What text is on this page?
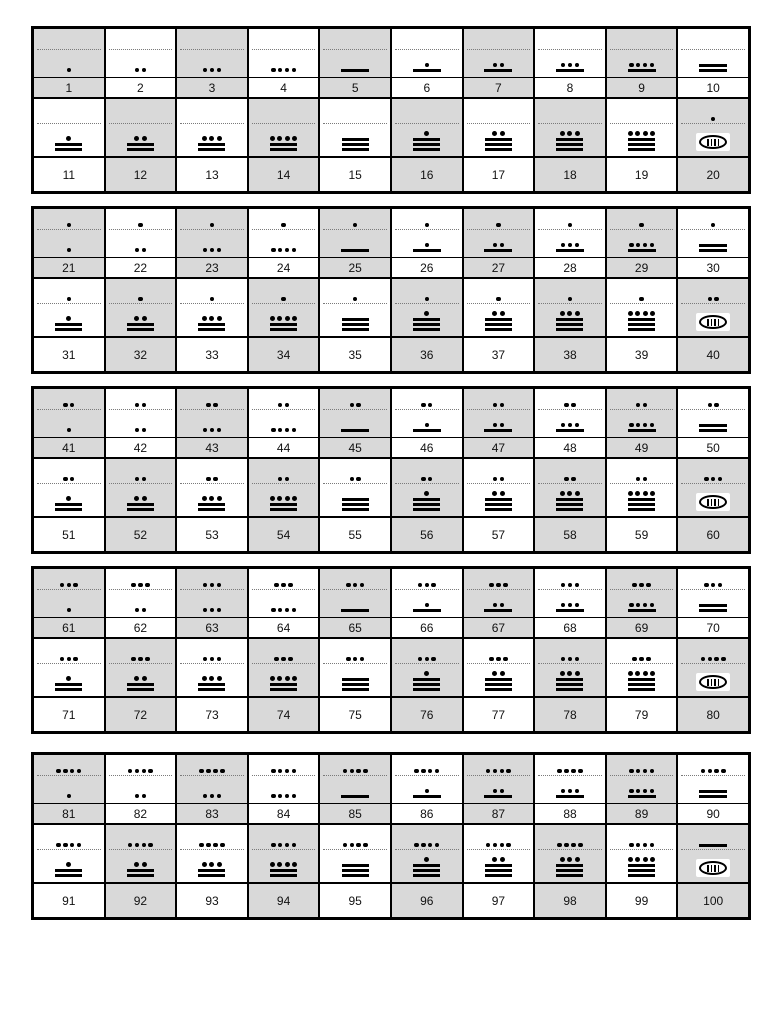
1	2	3	4	5	6	7	8	9	10
11	12	13	14	15	16	17	18	19	20
21	22	23	24	25	26	27	28	29	30
31	32	33	34	35	36	37	38	39	40
41	42	43	44	45	46	47	48	49	50
51	52	53	54	55	56	57	58	59	60
61	62	63	64	65	66	67	68	69	70
71	72	73	74	75	76	77	78	79	80
81	82	83	84	85	86	87	88	89	90
91	92	93	94	95	96	97	98	99	100
